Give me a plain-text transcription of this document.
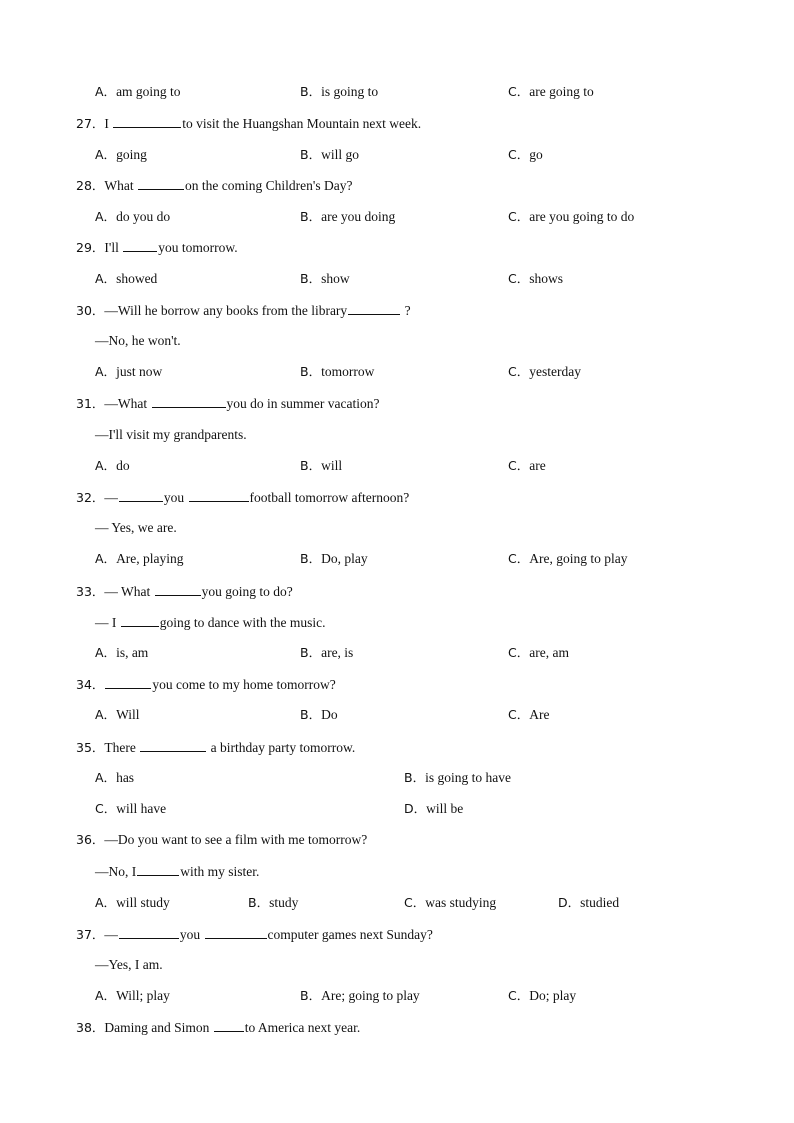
A．am going to	B．is going to	C．are going to
27．I	to visit the Huangshan Mountain next week.
A．going	B．will go	C．go
28．What	on the coming Children's Day?
A．do you do	B．are you doing	C．are you going to do
29．I'll	you tomorrow.
A．showed	B．show	C．shows
30．—Will he borrow any books from the library	?
—No, he won't.
A．just now	B．tomorrow	C．yesterday
31．—What	you do in summer vacation?
—I'll visit my grandparents.
A．do	B．will	C．are
32．—	you	football tomorrow afternoon?
— Yes, we are.
A．Are, playing	B．Do, play	C．Are, going to play
33．— What	you going to do?
— I	going to dance with the music.
A．is, am	B．are, is	C．are, am
34．	you come to my home tomorrow?
A．Will	B．Do	C．Are
35．There	a birthday party tomorrow.
A．has	B．is going to have
C．will have	D．will be
36．—Do you want to see a film with me tomorrow?
—No, I	with my sister.
A．will study	B．study	C．was studying	D．studied
37．—	you	computer games next Sunday?
—Yes, I am.
A．Will; play	B．Are; going to play	C．Do; play
38．Daming and Simon to America next year.
